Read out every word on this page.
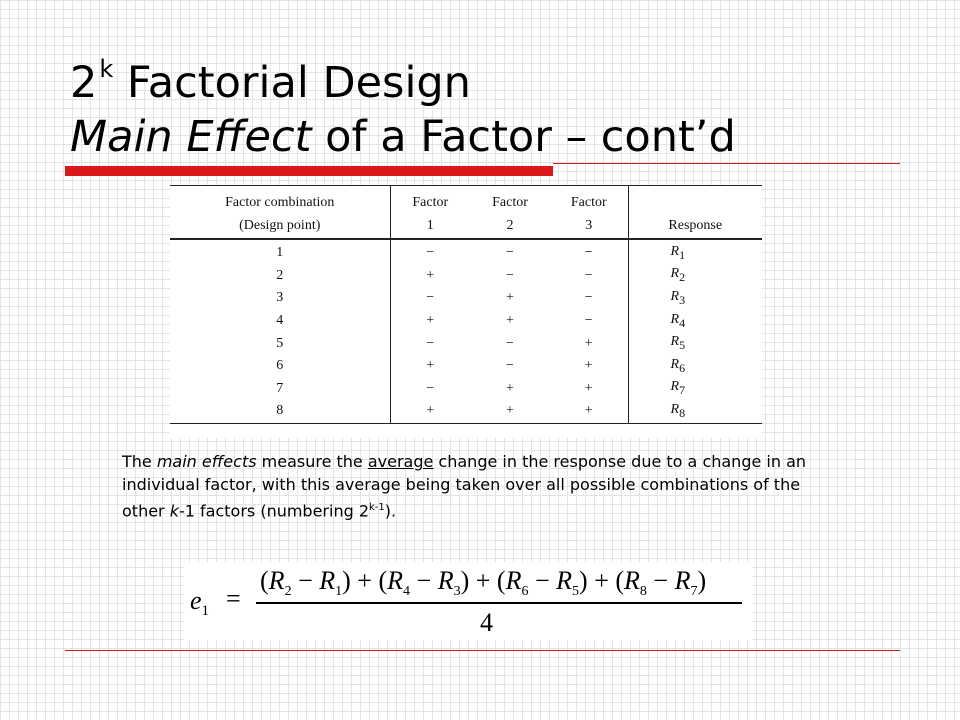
2$^k$ Factorial Design
Main Effect of a Factor – cont’d
Factor combination	Factor	Factor	Factor	
(Design point)	1	2	3	Response
1	−	−	−	$R_1$
2	+	−	−	$R_2$
3	−	+	−	$R_3$
4	+	+	−	$R_4$
5	−	−	+	$R_5$
6	+	−	+	$R_6$
7	−	+	+	$R_7$
8	+	+	+	$R_8$

The main effects measure the average change in the response due to a change in an individual factor, with this average being taken over all possible combinations of the other k-1 factors (numbering 2$^{k-1}$).

$e_1$ =
$(R_2 - R_1) + (R_4 - R_3) + (R_6 - R_5) + (R_8 - R_7)$
4
